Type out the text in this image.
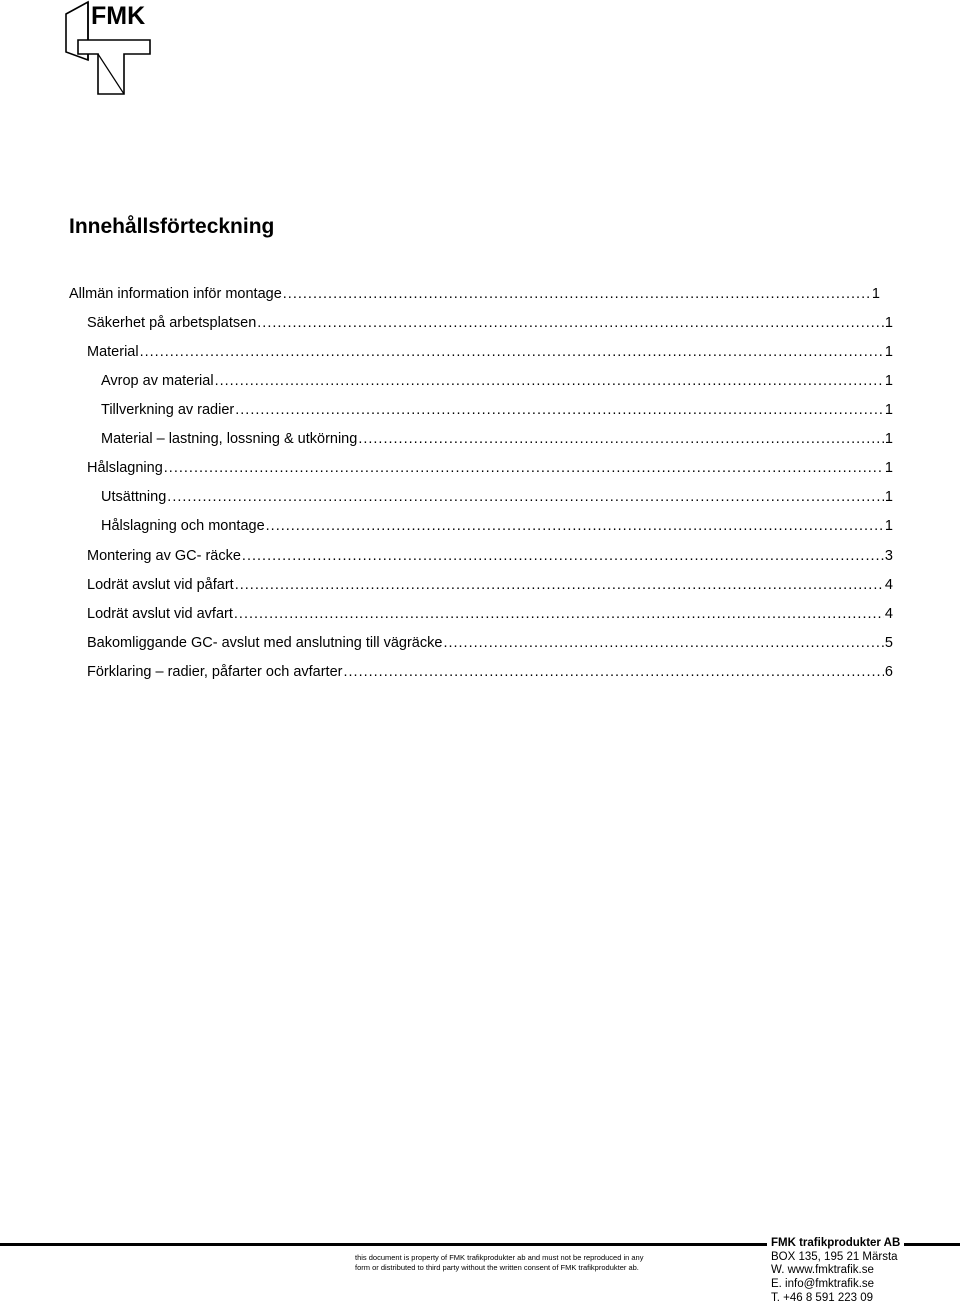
FMK
Innehållsförteckning
Allmän information inför montage .....	1
Säkerhet på arbetsplatsen .....	1
Material .....	1
Avrop av material .....	1
Tillverkning av radier .....	1
Material – lastning, lossning & utkörning .....	1
Hålslagning .....	1
Utsättning .....	1
Hålslagning och montage .....	1
Montering av GC- räcke .....	3
Lodrät avslut vid påfart .....	4
Lodrät avslut vid avfart .....	4
Bakomliggande GC- avslut med anslutning till vägräcke .....	5
Förklaring – radier, påfarter och avfarter .....	6
this document is property of FMK trafikprodukter ab and must not be reproduced in any
form or distributed to third party without the written consent of FMK trafikprodukter ab.
FMK trafikprodukter AB
BOX 135, 195 21 Märsta
W. www.fmktrafik.se
E. info@fmktrafik.se
T. +46 8 591 223 09
